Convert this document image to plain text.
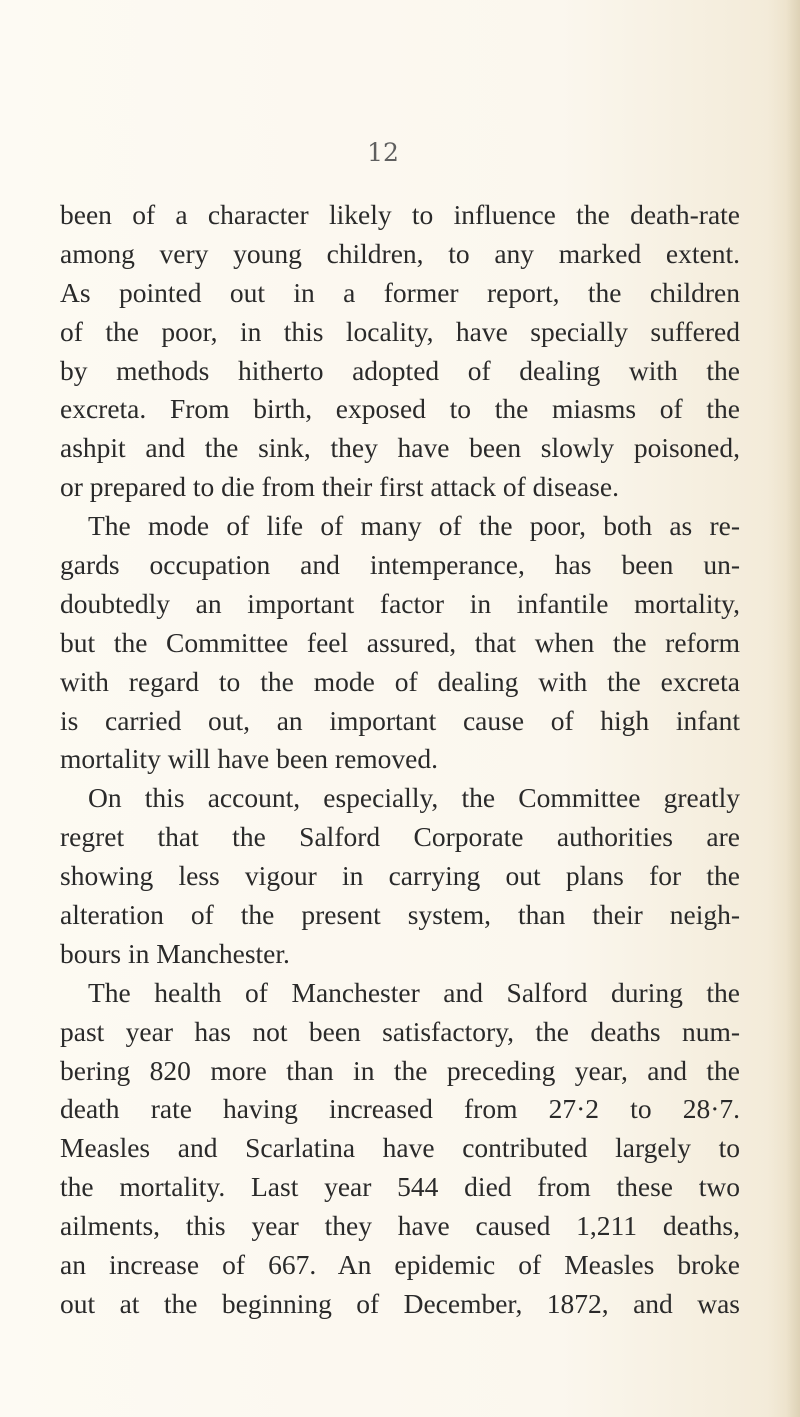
12
been of a character likely to influence the death-rate
among very young children, to any marked extent.
As pointed out in a former report, the children
of the poor, in this locality, have specially suffered
by methods hitherto adopted of dealing with the
excreta. From birth, exposed to the miasms of the
ashpit and the sink, they have been slowly poisoned,
or prepared to die from their first attack of disease.
The mode of life of many of the poor, both as re-
gards occupation and intemperance, has been un-
doubtedly an important factor in infantile mortality,
but the Committee feel assured, that when the reform
with regard to the mode of dealing with the excreta
is carried out, an important cause of high infant
mortality will have been removed.
On this account, especially, the Committee greatly
regret that the Salford Corporate authorities are
showing less vigour in carrying out plans for the
alteration of the present system, than their neigh-
bours in Manchester.
The health of Manchester and Salford during the
past year has not been satisfactory, the deaths num-
bering 820 more than in the preceding year, and the
death rate having increased from 27·2 to 28·7.
Measles and Scarlatina have contributed largely to
the mortality. Last year 544 died from these two
ailments, this year they have caused 1,211 deaths,
an increase of 667. An epidemic of Measles broke
out at the beginning of December, 1872, and was
